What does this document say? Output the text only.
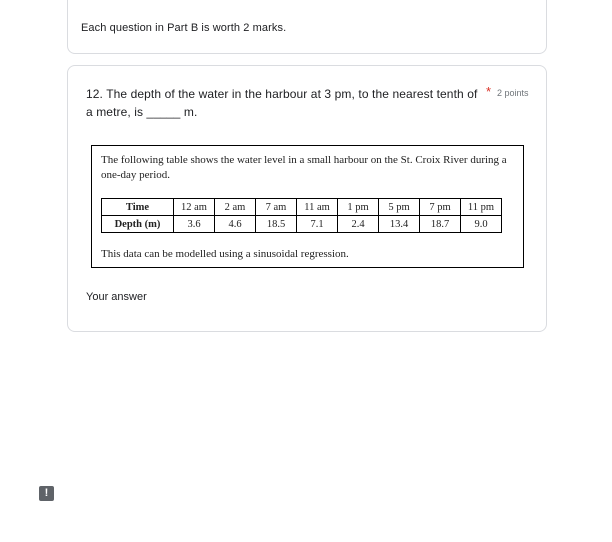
Each question in Part B is worth 2 marks.
12. The depth of the water in the harbour at 3 pm, to the nearest tenth of a metre, is _____ m.
* 2 points
The following table shows the water level in a small harbour on the St. Croix River during a one-day period.
Time	12 am	2 am	7 am	11 am	1 pm	5 pm	7 pm	11 pm
Depth (m)	3.6	4.6	18.5	7.1	2.4	13.4	18.7	9.0
This data can be modelled using a sinusoidal regression.
Your answer
!
